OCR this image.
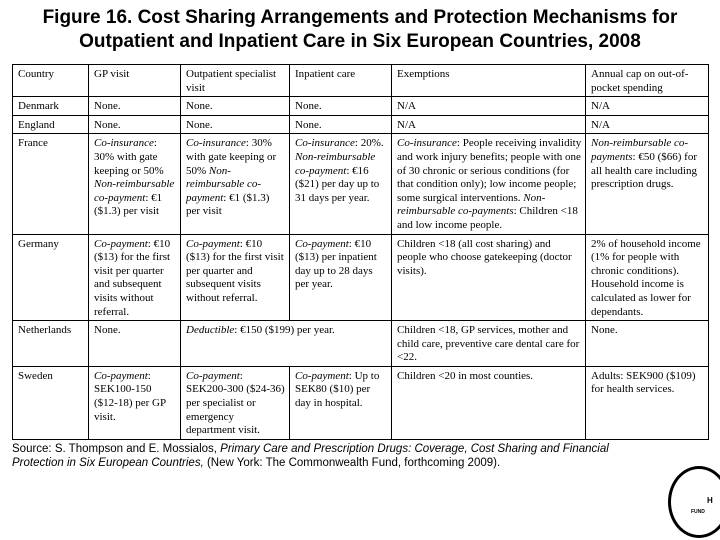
Figure 16. Cost Sharing Arrangements and Protection Mechanisms for
Outpatient and Inpatient Care in Six European Countries, 2008
Country	GP visit	Outpatient specialist visit	Inpatient care	Exemptions	Annual cap on out-of-pocket spending
Denmark	None.	None.	None.	N/A	N/A
England	None.	None.	None.	N/A	N/A
France	Co-insurance: 30% with gate keeping or 50% Non-reimbursable co-payment: €1 ($1.3) per visit	Co-insurance: 30% with gate keeping or 50% Non-reimbursable co-payment: €1 ($1.3) per visit	Co-insurance: 20%. Non-reimbursable co-payment: €16 ($21) per day up to 31 days per year.	Co-insurance: People receiving invalidity and work injury benefits; people with one of 30 chronic or serious conditions (for that condition only); low income people; some surgical interventions. Non-reimbursable co-payments: Children <18 and low income people.	Non-reimbursable co-payments: €50 ($66) for all health care including prescription drugs.
Germany	Co-payment: €10 ($13) for the first visit per quarter and subsequent visits without referral.	Co-payment: €10 ($13) for the first visit per quarter and subsequent visits without referral.	Co-payment: €10 ($13) per inpatient day up to 28 days per year.	Children <18 (all cost sharing) and people who choose gatekeeping (doctor visits).	2% of household income (1% for people with chronic conditions). Household income is calculated as lower for dependants.
Netherlands	None.	Deductible: €150 ($199) per year.		Children <18, GP services, mother and child care, preventive care dental care for <22.	None.
Sweden	Co-payment: SEK100-150 ($12-18) per GP visit.	Co-payment: SEK200-300 ($24-36) per specialist or emergency department visit.	Co-payment: Up to SEK80 ($10) per day in hospital.	Children <20 in most counties.	Adults: SEK900 ($109) for health services.
Source: S. Thompson and E. Mossialos, Primary Care and Prescription Drugs: Coverage, Cost Sharing and Financial Protection in Six European Countries, (New York: The Commonwealth Fund, forthcoming 2009).
H
FUND
